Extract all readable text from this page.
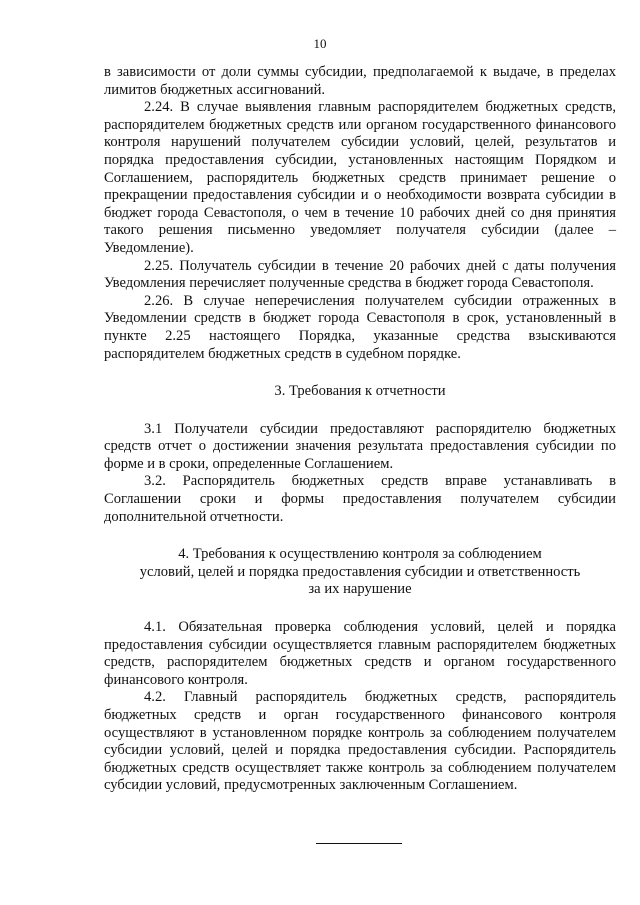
10

в зависимости от доли суммы субсидии, предполагаемой к выдаче, в пределах лимитов бюджетных ассигнований.

2.24. В случае выявления главным распорядителем бюджетных средств, распорядителем бюджетных средств или органом государственного финансового контроля нарушений получателем субсидии условий, целей, результатов и порядка предоставления субсидии, установленных настоящим Порядком и Соглашением, распорядитель бюджетных средств принимает решение о прекращении предоставления субсидии и о необходимости возврата субсидии в бюджет города Севастополя, о чем в течение 10 рабочих дней со дня принятия такого решения письменно уведомляет получателя субсидии (далее – Уведомление).

2.25. Получатель субсидии в течение 20 рабочих дней с даты получения Уведомления перечисляет полученные средства в бюджет города Севастополя.

2.26. В случае неперечисления получателем субсидии отраженных в Уведомлении средств в бюджет города Севастополя в срок, установленный в пункте 2.25 настоящего Порядка, указанные средства взыскиваются распорядителем бюджетных средств в судебном порядке.

3. Требования к отчетности

3.1 Получатели субсидии предоставляют распорядителю бюджетных средств отчет о достижении значения результата предоставления субсидии по форме и в сроки, определенные Соглашением.

3.2. Распорядитель бюджетных средств вправе устанавливать в Соглашении сроки и формы предоставления получателем субсидии дополнительной отчетности.

4. Требования к осуществлению контроля за соблюдением

условий, целей и порядка предоставления субсидии и ответственность

за их нарушение

4.1. Обязательная проверка соблюдения условий, целей и порядка предоставления субсидии осуществляется главным распорядителем бюджетных средств, распорядителем бюджетных средств и органом государственного финансового контроля.

4.2. Главный распорядитель бюджетных средств, распорядитель бюджетных средств и орган государственного финансового контроля осуществляют в установленном порядке контроль за соблюдением получателем субсидии условий, целей и порядка предоставления субсидии. Распорядитель бюджетных средств осуществляет также контроль за соблюдением получателем субсидии условий, предусмотренных заключенным Соглашением.
